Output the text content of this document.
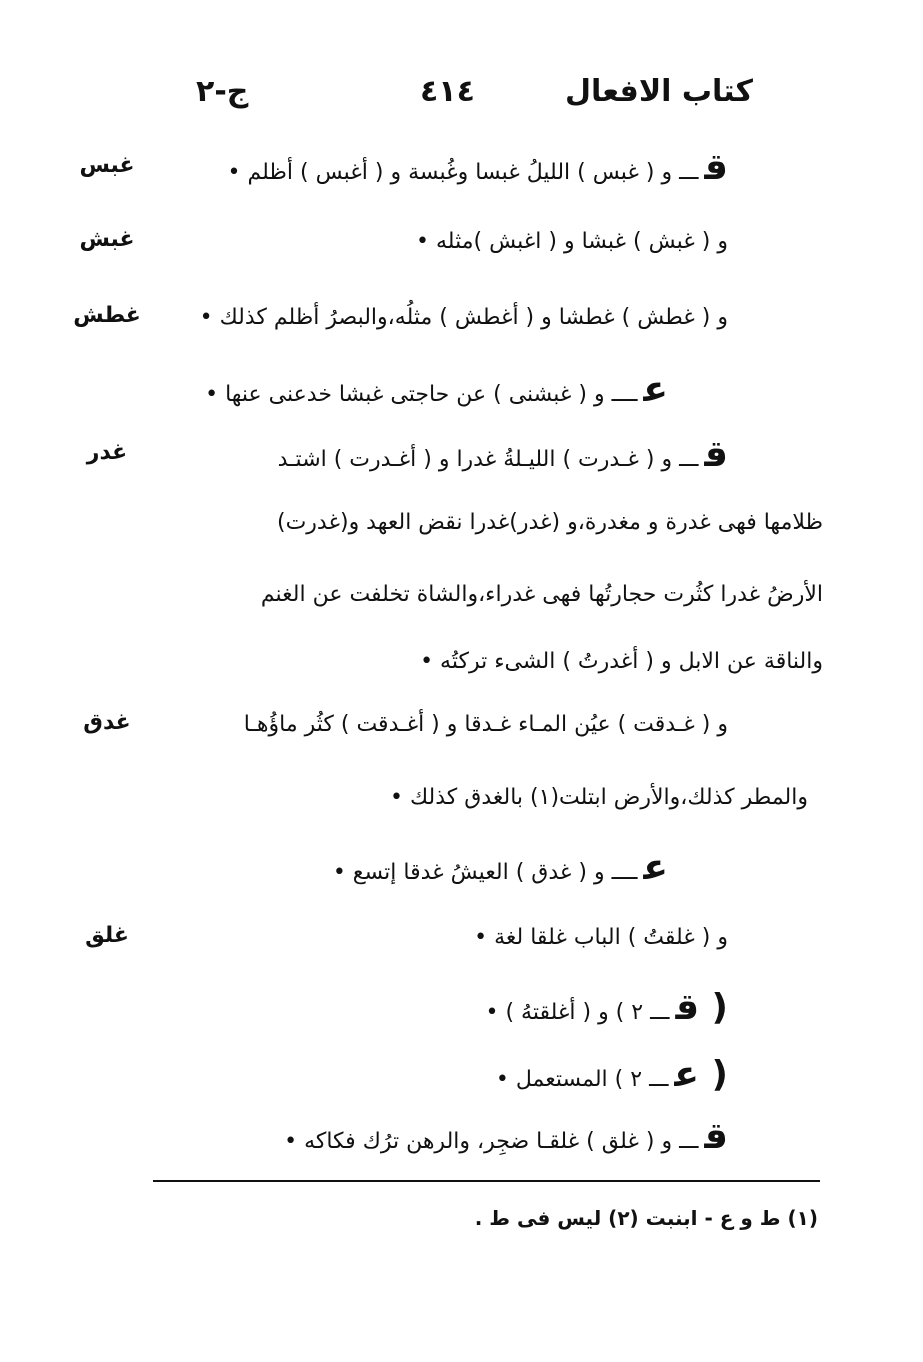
كتاب الافعال
٤١٤
ج-٢
غبس
غبش
غطش
غدر
غدق
غلق
قـــ و ( غبس ) الليلُ غبسا وغُبسة و ( أغبس ) أظلم •
و ( غبش ) غبشا و ( اغبش )مثله •
و ( غطش ) غطشا و ( أغطش ) مثلُه،والبصرُ أظلم كذلك •
عــــ و ( غبشنى ) عن حاجتى غبشا خدعنى عنها •
قـــ و ( غـدرت ) الليـلةُ غدرا و ( أغـدرت ) اشتـد
ظلامها فهى غدرة و مغدرة،و (غدر)غدرا نقض العهد و(غدرت)
الأرضُ غدرا كثُرت حجارتُها فهى غدراء،والشاة تخلفت عن الغنم
والناقة عن الابل و ( أغدرتُ ) الشىء تركتُه •
و ( غـدقت ) عيُن المـاء غـدقا و ( أغـدقت ) كثُر ماؤُهـا
والمطر كذلك،والأرض ابتلت(١) بالغدق كذلك •
عــــ و ( غدق ) العيشُ غدقا إتسع •
و ( غلقتُ ) الباب غلقا لغة •
( قـــ ٢ ) و ( أغلقتهُ ) •
( عـــ ٢ ) المستعمل •
قـــ و ( غلق ) غلقـا ضجِر، والرهن ترُك فكاكه •
(١) ط و ع - ابنبت (٢) ليس فى ط .
